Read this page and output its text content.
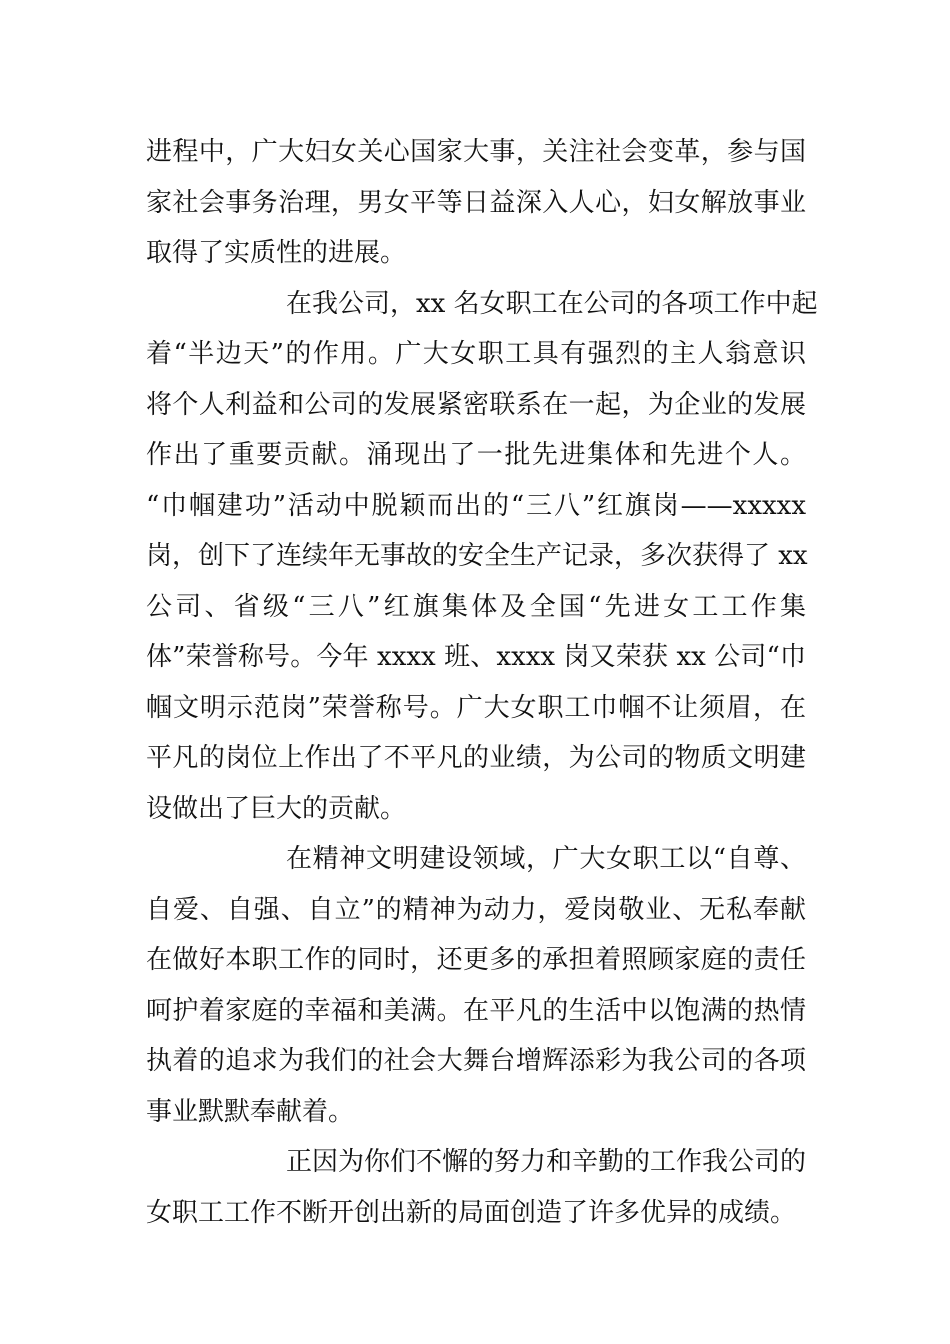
进程中，广大妇女关心国家大事，关注社会变革，参与国
家社会事务治理，男女平等日益深入人心，妇女解放事业
取得了实质性的进展。
在我公司，xx 名女职工在公司的各项工作中起
着“半边天”的作用。广大女职工具有强烈的主人翁意识
将个人利益和公司的发展紧密联系在一起，为企业的发展
作出了重要贡献。涌现出了一批先进集体和先进个人。
“巾帼建功”活动中脱颖而出的“三八”红旗岗——xxxxx
岗，创下了连续年无事故的安全生产记录，多次获得了 xx
公司、省级“三八”红旗集体及全国“先进女工工作集
体”荣誉称号。今年 xxxx 班、xxxx 岗又荣获 xx 公司“巾
帼文明示范岗”荣誉称号。广大女职工巾帼不让须眉，在
平凡的岗位上作出了不平凡的业绩，为公司的物质文明建
设做出了巨大的贡献。
在精神文明建设领域，广大女职工以“自尊、
自爱、自强、自立”的精神为动力，爱岗敬业、无私奉献
在做好本职工作的同时，还更多的承担着照顾家庭的责任
呵护着家庭的幸福和美满。在平凡的生活中以饱满的热情
执着的追求为我们的社会大舞台增辉添彩为我公司的各项
事业默默奉献着。
正因为你们不懈的努力和辛勤的工作我公司的
女职工工作不断开创出新的局面创造了许多优异的成绩。
